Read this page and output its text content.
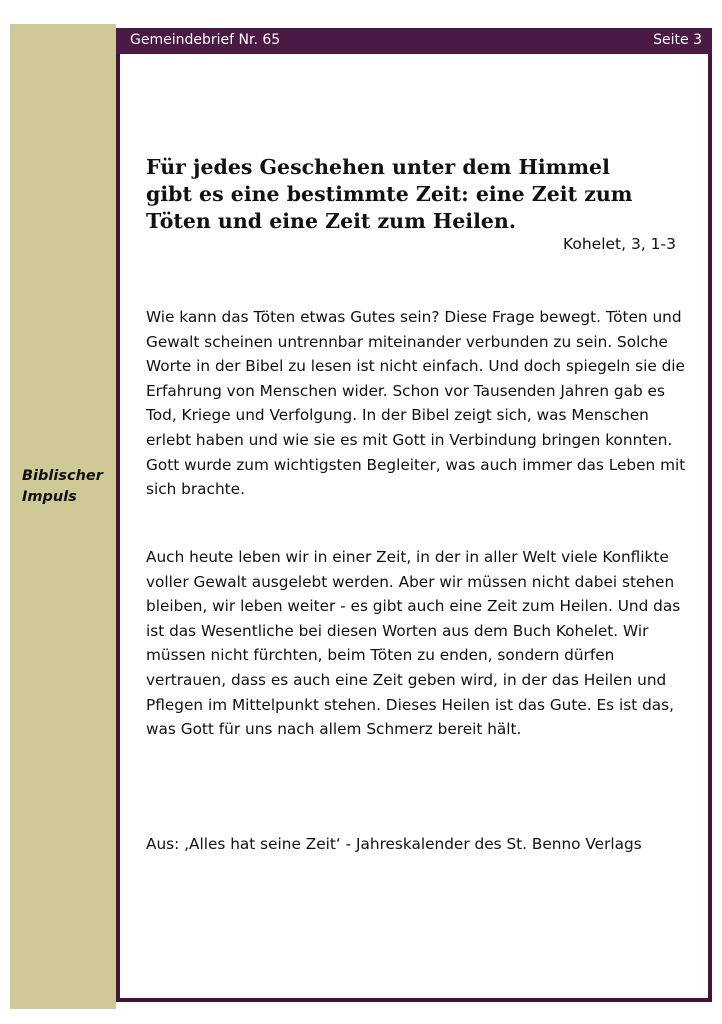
Biblischer
Impuls
Gemeindebrief Nr. 65	Seite 3
Für jedes Geschehen unter dem Himmel
gibt es eine bestimmte Zeit: eine Zeit zum
Töten und eine Zeit zum Heilen.
Kohelet, 3, 1-3

Wie kann das Töten etwas Gutes sein? Diese Frage bewegt. Töten und Gewalt scheinen untrennbar miteinander verbunden zu sein. Solche Worte in der Bibel zu lesen ist nicht einfach. Und doch spiegeln sie die Erfahrung von Menschen wider. Schon vor Tausenden Jahren gab es Tod, Kriege und Verfolgung. In der Bibel zeigt sich, was Menschen erlebt haben und wie sie es mit Gott in Verbindung bringen konnten. Gott wurde zum wichtigsten Begleiter, was auch immer das Leben mit sich brachte.

Auch heute leben wir in einer Zeit, in der in aller Welt viele Konflikte voller Gewalt ausgelebt werden. Aber wir müssen nicht dabei stehen bleiben, wir leben weiter - es gibt auch eine Zeit zum Heilen. Und das ist das Wesentliche bei diesen Worten aus dem Buch Kohelet. Wir müssen nicht fürchten, beim Töten zu enden, sondern dürfen vertrauen, dass es auch eine Zeit geben wird, in der das Heilen und Pflegen im Mittelpunkt stehen. Dieses Heilen ist das Gute. Es ist das, was Gott für uns nach allem Schmerz bereit hält.

Aus: ‚Alles hat seine Zeit‘ - Jahreskalender des St. Benno Verlags
